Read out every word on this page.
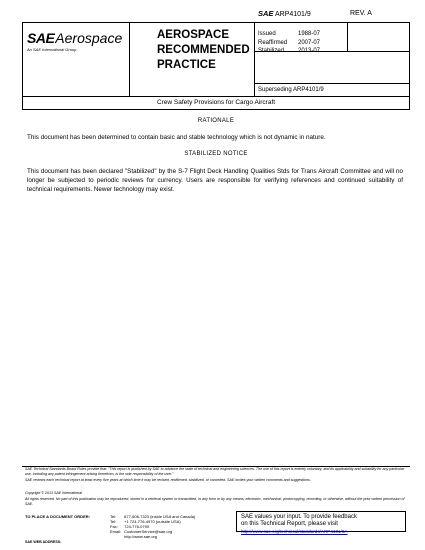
SAEAerospace
An SAE International Group
AEROSPACE
RECOMMENDED
PRACTICE
SAE ARP4101/9	REV. A
Issued	1988-07
Reaffirmed	2007-07
Stabilized	2013-07
Superseding ARP4101/9
Crew Safety Provisions for Cargo Aircraft
RATIONALE
This document has been determined to contain basic and stable technology which is not dynamic in nature.
STABILIZED NOTICE
This document has been declared "Stabilized" by the S-7 Flight Deck Handling Qualities Stds for Trans Aircraft Committee and will no longer be subjected to periodic reviews for currency. Users are responsible for verifying references and continued suitability of technical requirements. Newer technology may exist.
SAE Technical Standards Board Rules provide that: "This report is published by SAE to advance the state of technical and engineering sciences. The use of this report is entirely voluntary, and its applicability and suitability for any particular use, including any patent infringement arising therefrom, is the sole responsibility of the user."
SAE reviews each technical report at least every five years at which time it may be revised, reaffirmed, stabilized, or cancelled. SAE invites your written comments and suggestions.
Copyright © 2013 SAE International
All rights reserved. No part of this publication may be reproduced, stored in a retrieval system or transmitted, in any form or by any means, electronic, mechanical, photocopying, recording, or otherwise, without the prior written permission of SAE.
TO PLACE A DOCUMENT ORDER:	Tel:	877-606-7323 (inside USA and Canada)
	Tel:	+1 724-776-4970 (outside USA)
	Fax:	724-776-0790
	Email:	CustomerService@sae.org
		http://www.sae.org
SAE WEB ADDRESS:
SAE values your input. To provide feedback
on this Technical Report, please visit
http://www.sae.org/technical/standards/ARP4101/9A
